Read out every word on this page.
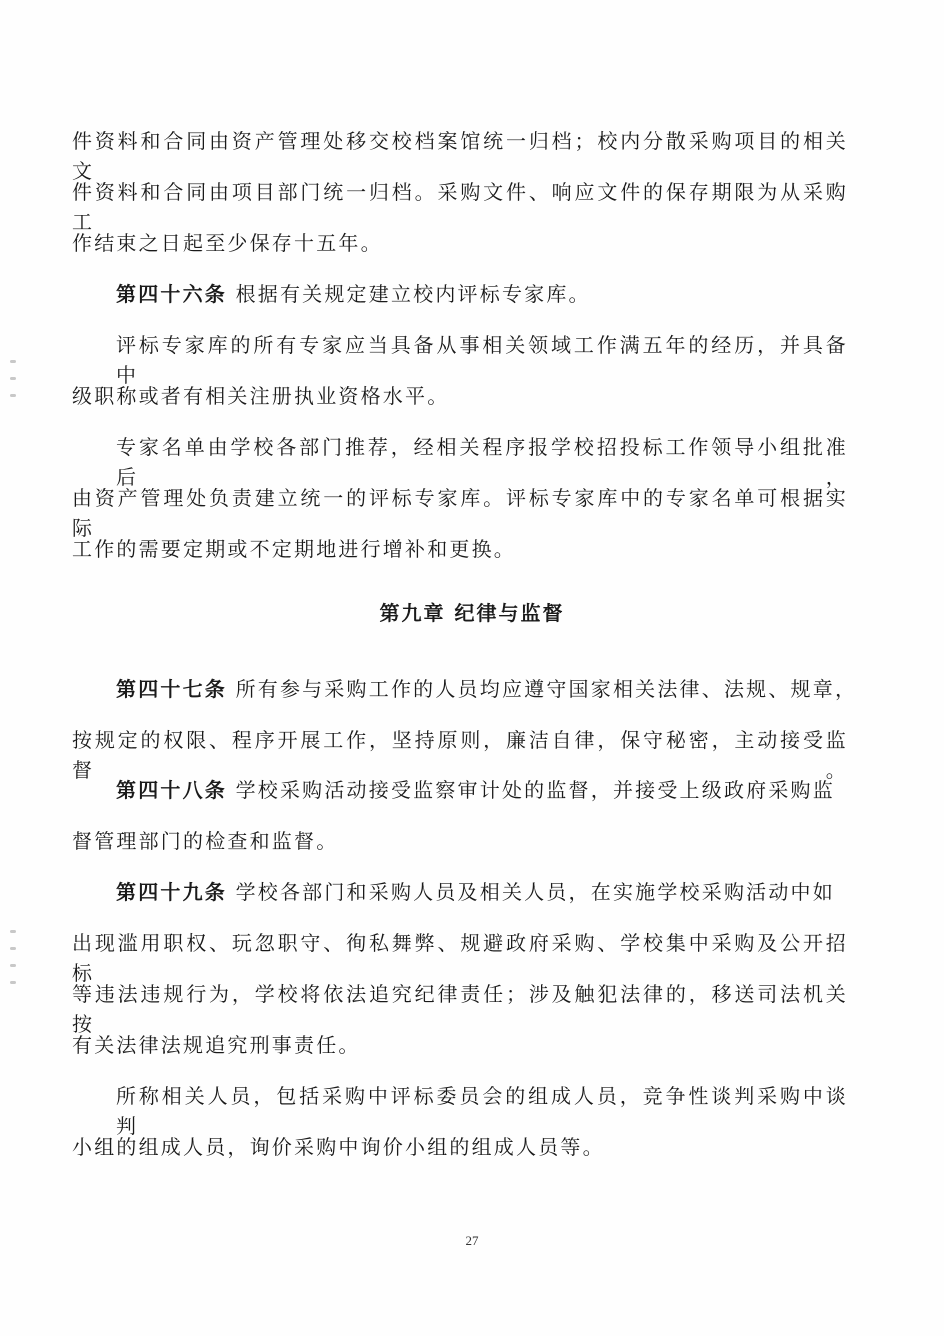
件资料和合同由资产管理处移交校档案馆统一归档；校内分散采购项目的相关文
件资料和合同由项目部门统一归档。采购文件、响应文件的保存期限为从采购工
作结束之日起至少保存十五年。
第四十六条 根据有关规定建立校内评标专家库。
评标专家库的所有专家应当具备从事相关领域工作满五年的经历，并具备中
级职称或者有相关注册执业资格水平。
专家名单由学校各部门推荐，经相关程序报学校招投标工作领导小组批准后，
由资产管理处负责建立统一的评标专家库。评标专家库中的专家名单可根据实际
工作的需要定期或不定期地进行增补和更换。
第九章 纪律与监督
第四十七条 所有参与采购工作的人员均应遵守国家相关法律、法规、规章，
按规定的权限、程序开展工作，坚持原则，廉洁自律，保守秘密，主动接受监督。
第四十八条 学校采购活动接受监察审计处的监督，并接受上级政府采购监
督管理部门的检查和监督。
第四十九条 学校各部门和采购人员及相关人员，在实施学校采购活动中如
出现滥用职权、玩忽职守、徇私舞弊、规避政府采购、学校集中采购及公开招标
等违法违规行为，学校将依法追究纪律责任；涉及触犯法律的，移送司法机关按
有关法律法规追究刑事责任。
所称相关人员，包括采购中评标委员会的组成人员，竞争性谈判采购中谈判
小组的组成人员，询价采购中询价小组的组成人员等。
27
